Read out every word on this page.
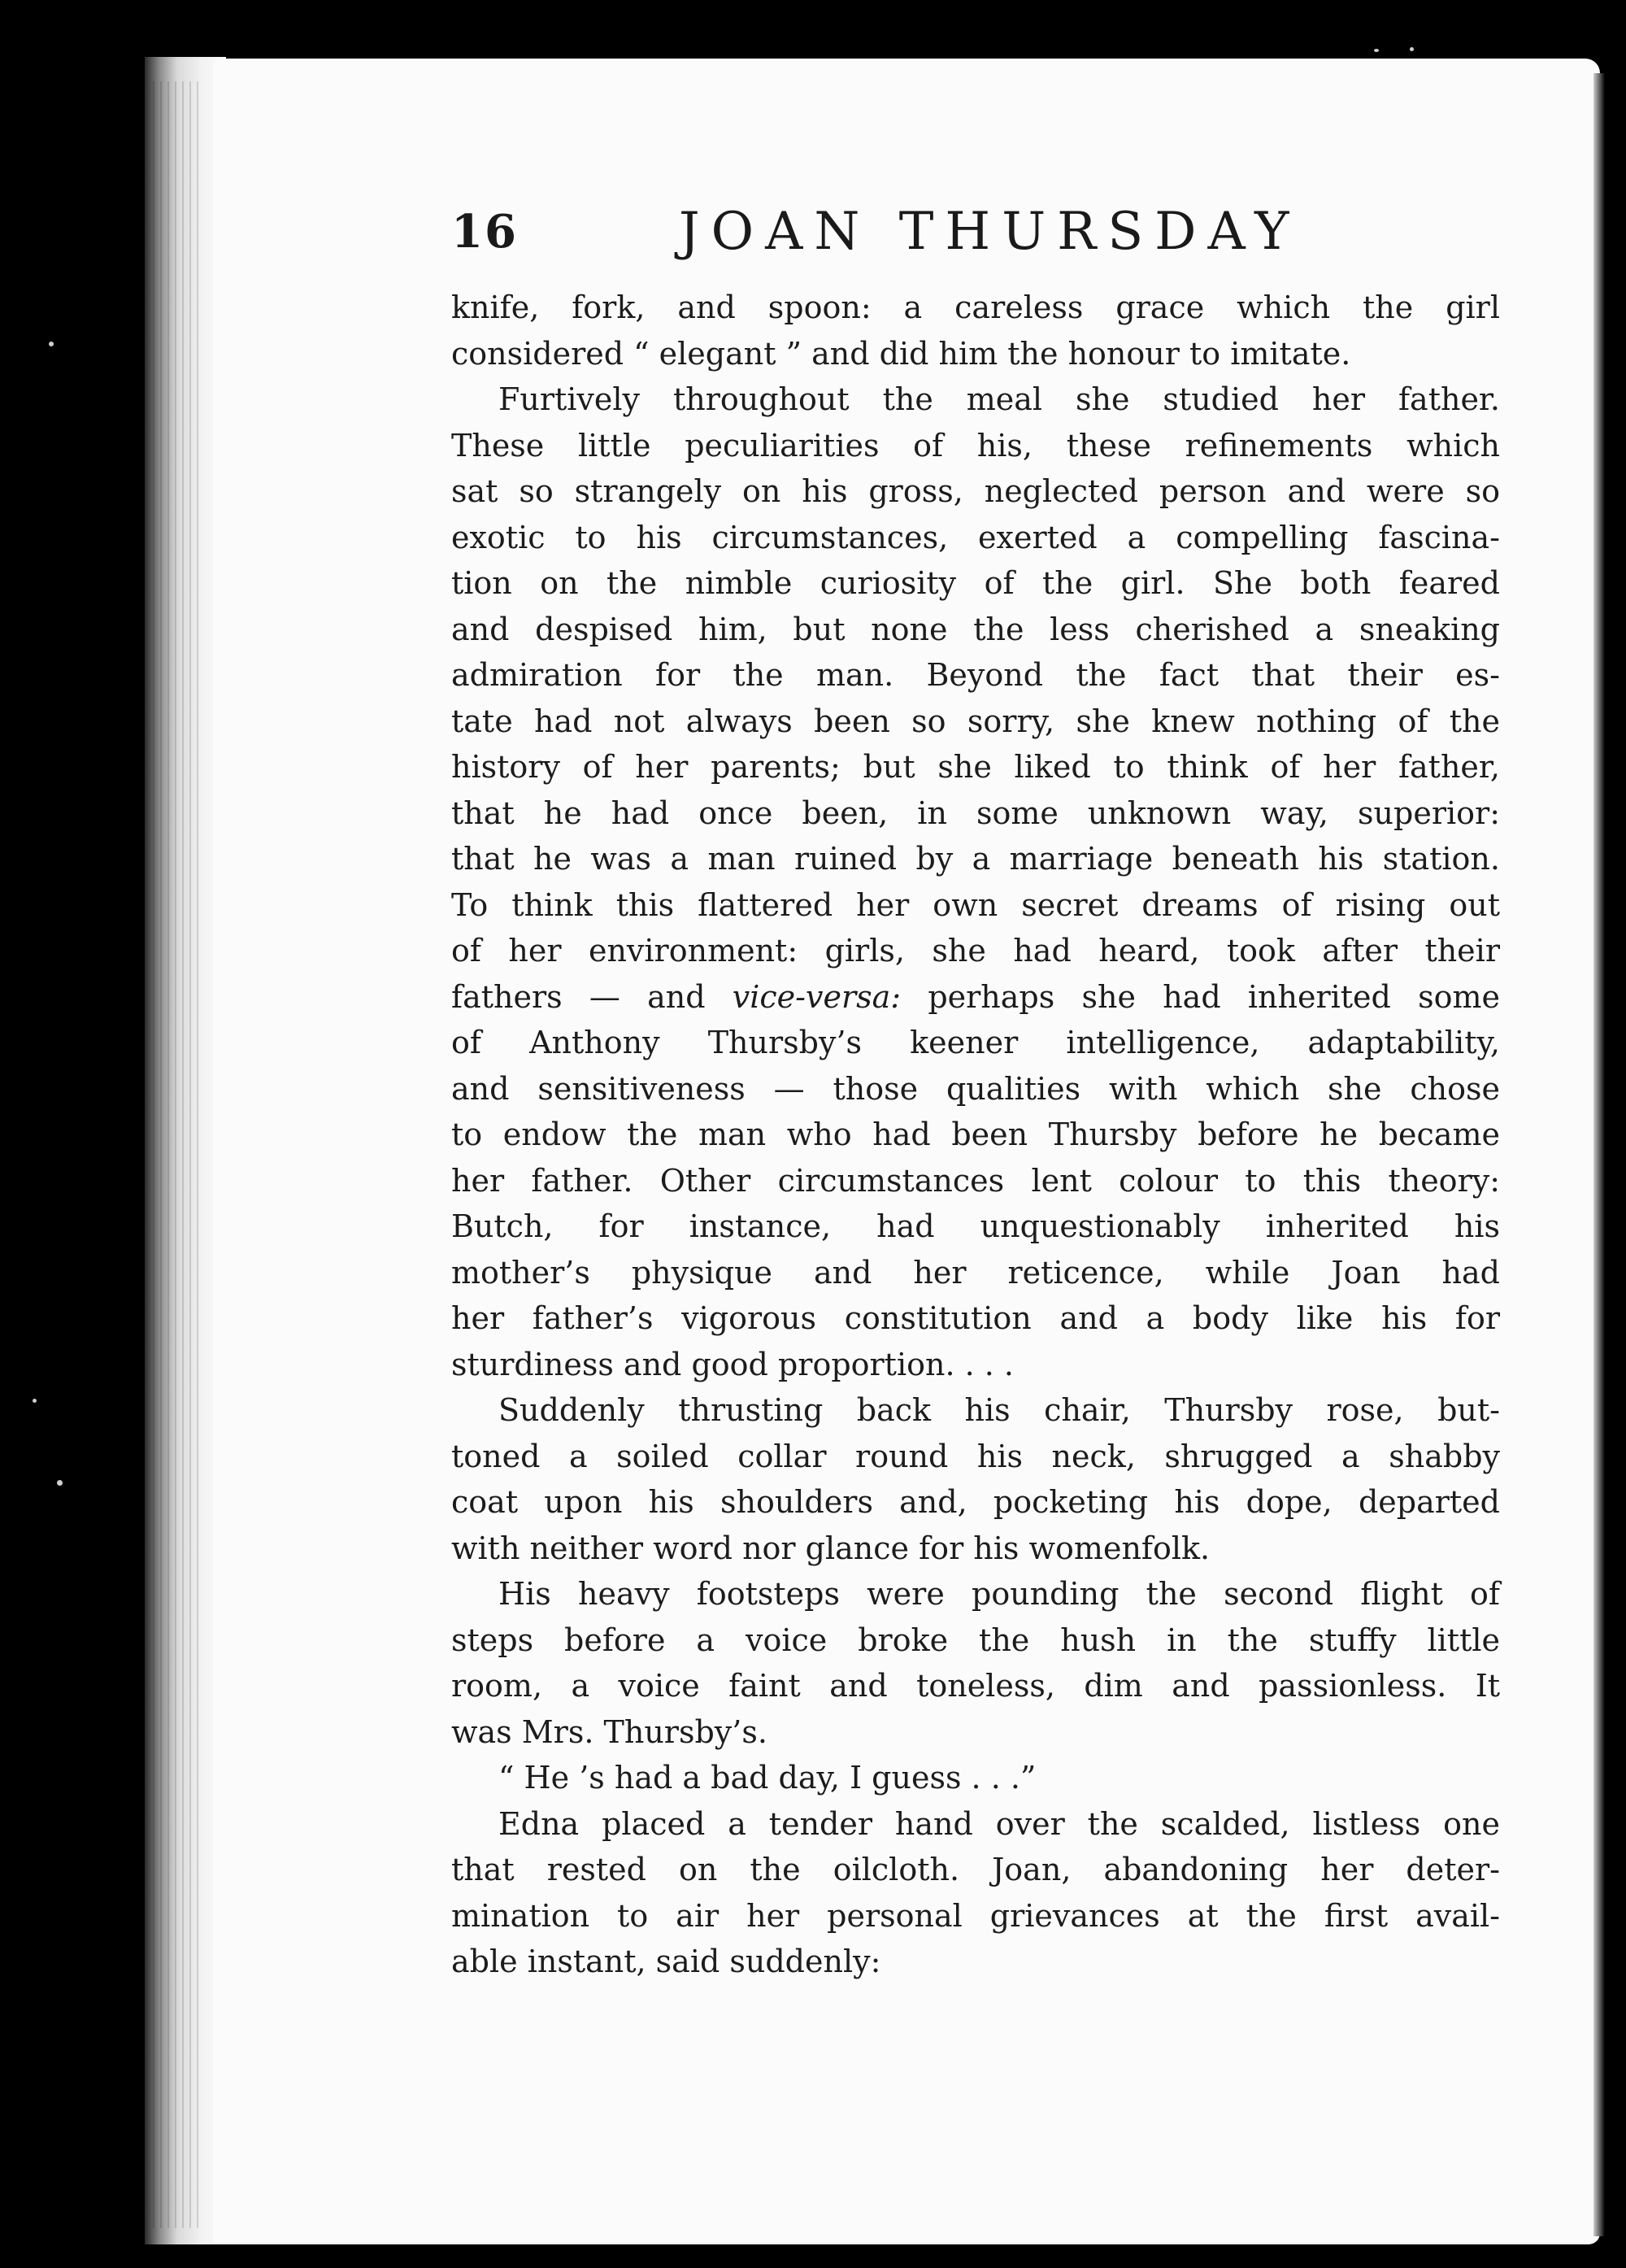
16	JOAN THURSDAY
knife, fork, and spoon: a careless grace which the girl
considered “ elegant ” and did him the honour to imitate.
Furtively throughout the meal she studied her father.
These little peculiarities of his, these refinements which
sat so strangely on his gross, neglected person and were so
exotic to his circumstances, exerted a compelling fascina-
tion on the nimble curiosity of the girl. She both feared
and despised him, but none the less cherished a sneaking
admiration for the man. Beyond the fact that their es-
tate had not always been so sorry, she knew nothing of the
history of her parents; but she liked to think of her father,
that he had once been, in some unknown way, superior:
that he was a man ruined by a marriage beneath his station.
To think this flattered her own secret dreams of rising out
of her environment: girls, she had heard, took after their
fathers — and vice-versa: perhaps she had inherited some
of Anthony Thursby’s keener intelligence, adaptability,
and sensitiveness — those qualities with which she chose
to endow the man who had been Thursby before he became
her father. Other circumstances lent colour to this theory:
Butch, for instance, had unquestionably inherited his
mother’s physique and her reticence, while Joan had
her father’s vigorous constitution and a body like his for
sturdiness and good proportion. . . .
Suddenly thrusting back his chair, Thursby rose, but-
toned a soiled collar round his neck, shrugged a shabby
coat upon his shoulders and, pocketing his dope, departed
with neither word nor glance for his womenfolk.
His heavy footsteps were pounding the second flight of
steps before a voice broke the hush in the stuffy little
room, a voice faint and toneless, dim and passionless. It
was Mrs. Thursby’s.
“ He ’s had a bad day, I guess . . .”
Edna placed a tender hand over the scalded, listless one
that rested on the oilcloth. Joan, abandoning her deter-
mination to air her personal grievances at the first avail-
able instant, said suddenly:
